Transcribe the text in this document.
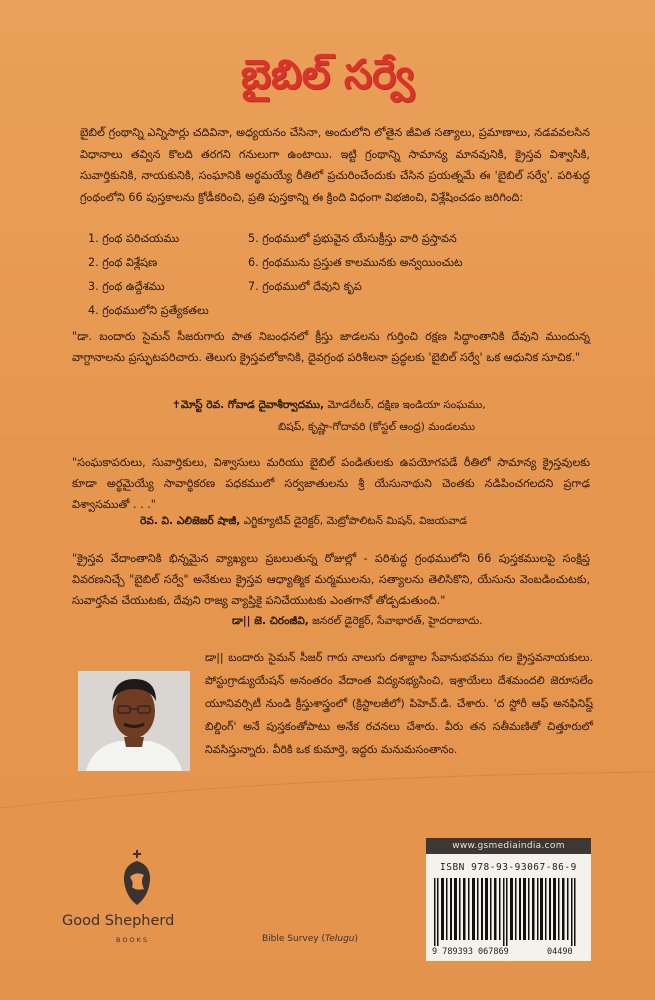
బైబిల్ సర్వే
బైబిల్ గ్రంథాన్ని ఎన్నిసార్లు చదివినా, అధ్యయనం చేసినా, అందులోని లోతైన జీవిత సత్యాలు, ప్రమాణాలు, నడవవలసిన విధానాలు తవ్విన కొలది తరగని గనులుగా ఉంటాయి. ఇట్టి గ్రంథాన్ని సామాన్య మానవునికి, క్రైస్తవ విశ్వాసికి, సువార్తికునికి, నాయకునికి, సంఘానికి అర్థమయ్యే రీతిలో ప్రచురించేందుకు చేసిన ప్రయత్నమే ఈ 'బైబిల్ సర్వే'. పరిశుద్ధ గ్రంథంలోని 66 పుస్తకాలను క్రోడీకరించి, ప్రతి పుస్తకాన్ని ఈ క్రింది విధంగా విభజించి, విశ్లేషించడం జరిగింది:
1. గ్రంథ పరిచయము	5. గ్రంథములో ప్రభువైన యేసుక్రీస్తు వారి ప్రస్తావన
2. గ్రంథ విశ్లేషణ	6. గ్రంథమును ప్రస్తుత కాలమునకు అన్వయించుట
3. గ్రంథ ఉద్దేశము	7. గ్రంథములో దేవుని కృప
4. గ్రంథములోని ప్రత్యేకతలు
"డా. బందారు సైమన్ సీజరుగారు పాత నిబంధనలో క్రీస్తు జాడలను గుర్తించి రక్షణ సిద్ధాంతానికి దేవుని ముందున్న వాగ్దానాలను ప్రస్ఫుటపరిచారు. తెలుగు క్రైస్తవలోకానికి, దైవగ్రంథ పరిశీలనా ప్రద్ధలకు 'బైబిల్ సర్వే' ఒక ఆధునిక సూచిక."
✝మోస్ట్ రెవ. గోవాడ దైవాశీర్వాదము, మోడరేటర్, దక్షిణ ఇండియా సంఘము,
బిషప్, కృష్ణా-గోదావరి (కోస్టల్ ఆంధ్ర) మండలము
"సంఘకాపరులు, సువార్తికులు, విశ్వాసులు మరియు బైబిల్ పండితులకు ఉపయోగపడే రీతిలో సామాన్య క్రైస్తవులకు కూడా అర్థమైయ్యే సావార్థికరణ పధకములో సర్వజాతులను శ్రీ యేసునాథుని చెంతకు నడిపించగలదని ప్రగాఢ విశ్వాసముతో . . ."
రెవ. వి. ఎలిజెజర్ షాజీ, ఎగ్జిక్యూటివ్ డైరెక్టర్, మెట్రోపొలిటన్ మిషన్, విజయవాడ
"క్రైస్తవ వేదాంతానికి భిన్నమైన వ్యాఖ్యలు ప్రబలుతున్న రోజుల్లో - పరిశుద్ధ గ్రంథములోని 66 పుస్తకములపై సంక్షిప్త వివరణనిచ్చే "బైబిల్ సర్వే" అనేకులు క్రైస్తవ ఆధ్యాత్మిక మర్మములను, సత్యాలను తెలిసికొని, యేసును వెంబడించుటకు, సువార్తసేవ చేయుటకు, దేవుని రాజ్య వ్యాప్తికై పనిచేయుటకు ఎంతగానో తోడ్పడుతుంది."
డా|| జె. చిరంజీవి, జనరల్ డైరెక్టర్, సేవాభారత్, హైదరాబాదు.
డా|| బందారు సైమన్ సీజర్ గారు నాలుగు దశాబ్దాల సేవానుభవము గల క్రైస్తవనాయకులు. పోస్టుగ్రాడ్యుయేషన్ అనంతరం వేదాంత విద్యనభ్యసించి, ఇశ్రాయేలు దేశమందలి జెరూసలేం యూనివర్సిటీ నుండి క్రీస్తుశాస్త్రంలో (క్రిస్టాలజీలో) పిహెచ్.డి. చేశారు. 'ద స్టోరీ ఆఫ్ అనఫినిష్డ్ బిల్డింగ్' అనే పుస్తకంతోపాటు అనేక రచనలు చేశారు. వీరు తన సతీమణితో చిత్తూరులో నివసిస్తున్నారు. వీరికి ఒక కుమార్తె, ఇద్దరు మనుమసంతానం.
Good Shepherd
BOOKS	Bible Survey (Telugu)
www.gsmediaindia.com
ISBN 978-93-93067-86-9
9 789393 067869	04490
